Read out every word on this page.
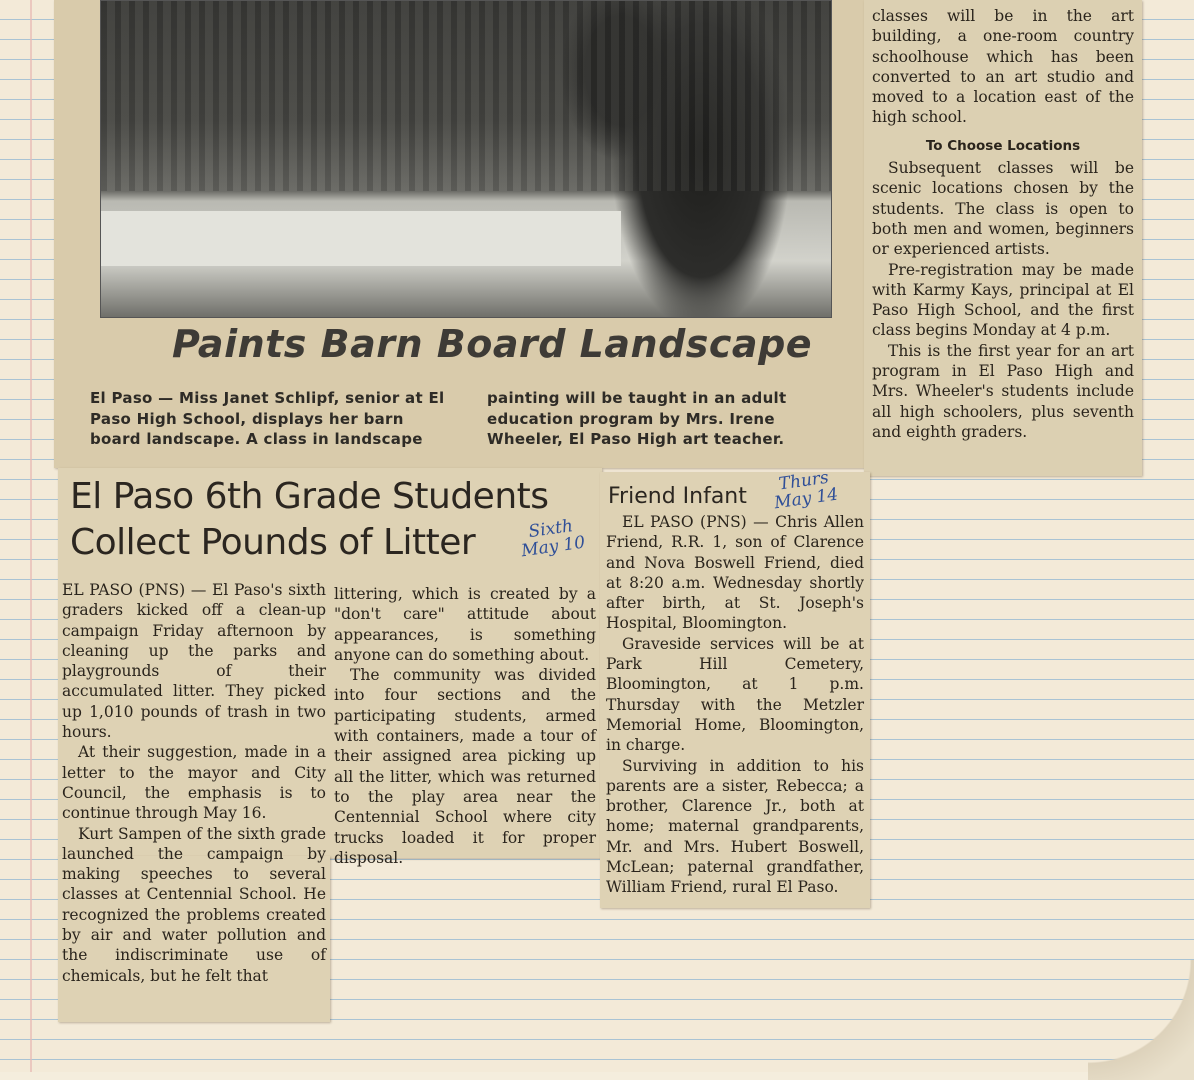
Paints Barn Board Landscape
El Paso — Miss Janet Schlipf, senior at El Paso High School, displays her barn board landscape. A class in landscape
painting will be taught in an adult education program by Mrs. Irene Wheeler, El Paso High art teacher.

classes will be in the art building, a one-room country schoolhouse which has been converted to an art studio and moved to a location east of the high school.

To Choose Locations

Subsequent classes will be scenic locations chosen by the students. The class is open to both men and women, beginners or experienced artists.

Pre-registration may be made with Karmy Kays, principal at El Paso High School, and the first class begins Monday at 4 p.m.

This is the first year for an art program in El Paso High and Mrs. Wheeler's students include all high schoolers, plus seventh and eighth graders.

El Paso 6th Grade Students Collect Pounds of Litter	Sixth May 10

EL PASO (PNS) — El Paso's sixth graders kicked off a clean-up campaign Friday afternoon by cleaning up the parks and playgrounds of their accumulated litter. They picked up 1,010 pounds of trash in two hours.

At their suggestion, made in a letter to the mayor and City Council, the emphasis is to continue through May 16.

Kurt Sampen of the sixth grade launched the campaign by making speeches to several classes at Centennial School. He recognized the problems created by air and water pollution and the indiscriminate use of chemicals, but he felt that

littering, which is created by a "don't care" attitude about appearances, is something anyone can do something about.

The community was divided into four sections and the participating students, armed with containers, made a tour of their assigned area picking up all the litter, which was returned to the play area near the Centennial School where city trucks loaded it for proper disposal.

Friend Infant
Thurs May 14

EL PASO (PNS) — Chris Allen Friend, R.R. 1, son of Clarence and Nova Boswell Friend, died at 8:20 a.m. Wednesday shortly after birth, at St. Joseph's Hospital, Bloomington.

Graveside services will be at Park Hill Cemetery, Bloomington, at 1 p.m. Thursday with the Metzler Memorial Home, Bloomington, in charge.

Surviving in addition to his parents are a sister, Rebecca; a brother, Clarence Jr., both at home; maternal grandparents, Mr. and Mrs. Hubert Boswell, McLean; paternal grandfather, William Friend, rural El Paso.
